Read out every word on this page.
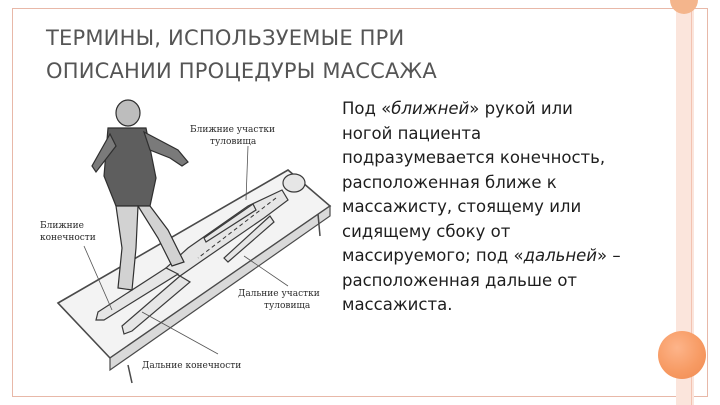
ТЕРМИНЫ, ИСПОЛЬЗУЕМЫЕ ПРИ
ОПИСАНИИ ПРОЦЕДУРЫ МАССАЖА
Ближние участки
туловища
Ближние
конечности
Дальние участки
туловища
Дальние конечности
Под «ближней» рукой или ногой пациента подразумевается конечность, расположенная ближе к массажисту, стоящему или сидящему сбоку от массируемого; под «дальней» – расположенная дальше от массажиста.
